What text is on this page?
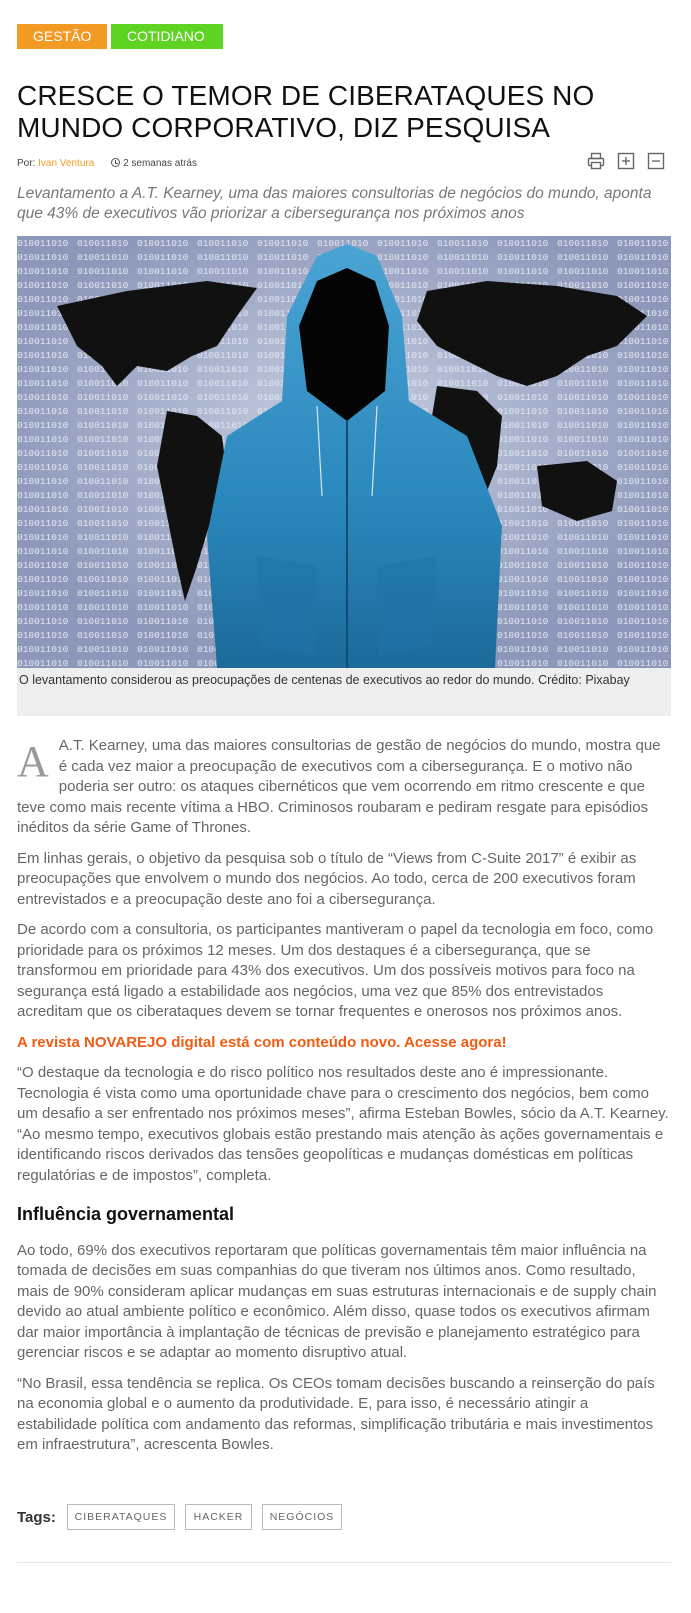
GESTÃO	COTIDIANO
CRESCE O TEMOR DE CIBERATAQUES NO MUNDO CORPORATIVO, DIZ PESQUISA
Por: Ivan Ventura	2 semanas atrás

Levantamento a A.T. Kearney, uma das maiores consultorias de negócios do mundo, aponta que 43% de executivos vão priorizar a cibersegurança nos próximos anos

O levantamento considerou as preocupações de centenas de executivos ao redor do mundo. Crédito: Pixabay

A A.T. Kearney, uma das maiores consultorias de gestão de negócios do mundo, mostra que é cada vez maior a preocupação de executivos com a cibersegurança. E o motivo não poderia ser outro: os ataques cibernéticos que vem ocorrendo em ritmo crescente e que teve como mais recente vítima a HBO. Criminosos roubaram e pediram resgate para episódios inéditos da série Game of Thrones.

Em linhas gerais, o objetivo da pesquisa sob o título de “Views from C-Suite 2017” é exibir as preocupações que envolvem o mundo dos negócios. Ao todo, cerca de 200 executivos foram entrevistados e a preocupação deste ano foi a cibersegurança.

De acordo com a consultoria, os participantes mantiveram o papel da tecnologia em foco, como prioridade para os próximos 12 meses. Um dos destaques é a cibersegurança, que se transformou em prioridade para 43% dos executivos. Um dos possíveis motivos para foco na segurança está ligado a estabilidade aos negócios, uma vez que 85% dos entrevistados acreditam que os ciberataques devem se tornar frequentes e onerosos nos próximos anos.

A revista NOVAREJO digital está com conteúdo novo. Acesse agora!

“O destaque da tecnologia e do risco político nos resultados deste ano é impressionante. Tecnologia é vista como uma oportunidade chave para o crescimento dos negócios, bem como um desafio a ser enfrentado nos próximos meses”, afirma Esteban Bowles, sócio da A.T. Kearney. “Ao mesmo tempo, executivos globais estão prestando mais atenção às ações governamentais e identificando riscos derivados das tensões geopolíticas e mudanças domésticas em políticas regulatórias e de impostos”, completa.

Influência governamental

Ao todo, 69% dos executivos reportaram que políticas governamentais têm maior influência na tomada de decisões em suas companhias do que tiveram nos últimos anos. Como resultado, mais de 90% consideram aplicar mudanças em suas estruturas internacionais e de supply chain devido ao atual ambiente político e econômico. Além disso, quase todos os executivos afirmam dar maior importância à implantação de técnicas de previsão e planejamento estratégico para gerenciar riscos e se adaptar ao momento disruptivo atual.

“No Brasil, essa tendência se replica. Os CEOs tomam decisões buscando a reinserção do país na economia global e o aumento da produtividade. E, para isso, é necessário atingir a estabilidade política com andamento das reformas, simplificação tributária e mais investimentos em infraestrutura”, acrescenta Bowles.

Tags:	CIBERATAQUES	HACKER	NEGÓCIOS
